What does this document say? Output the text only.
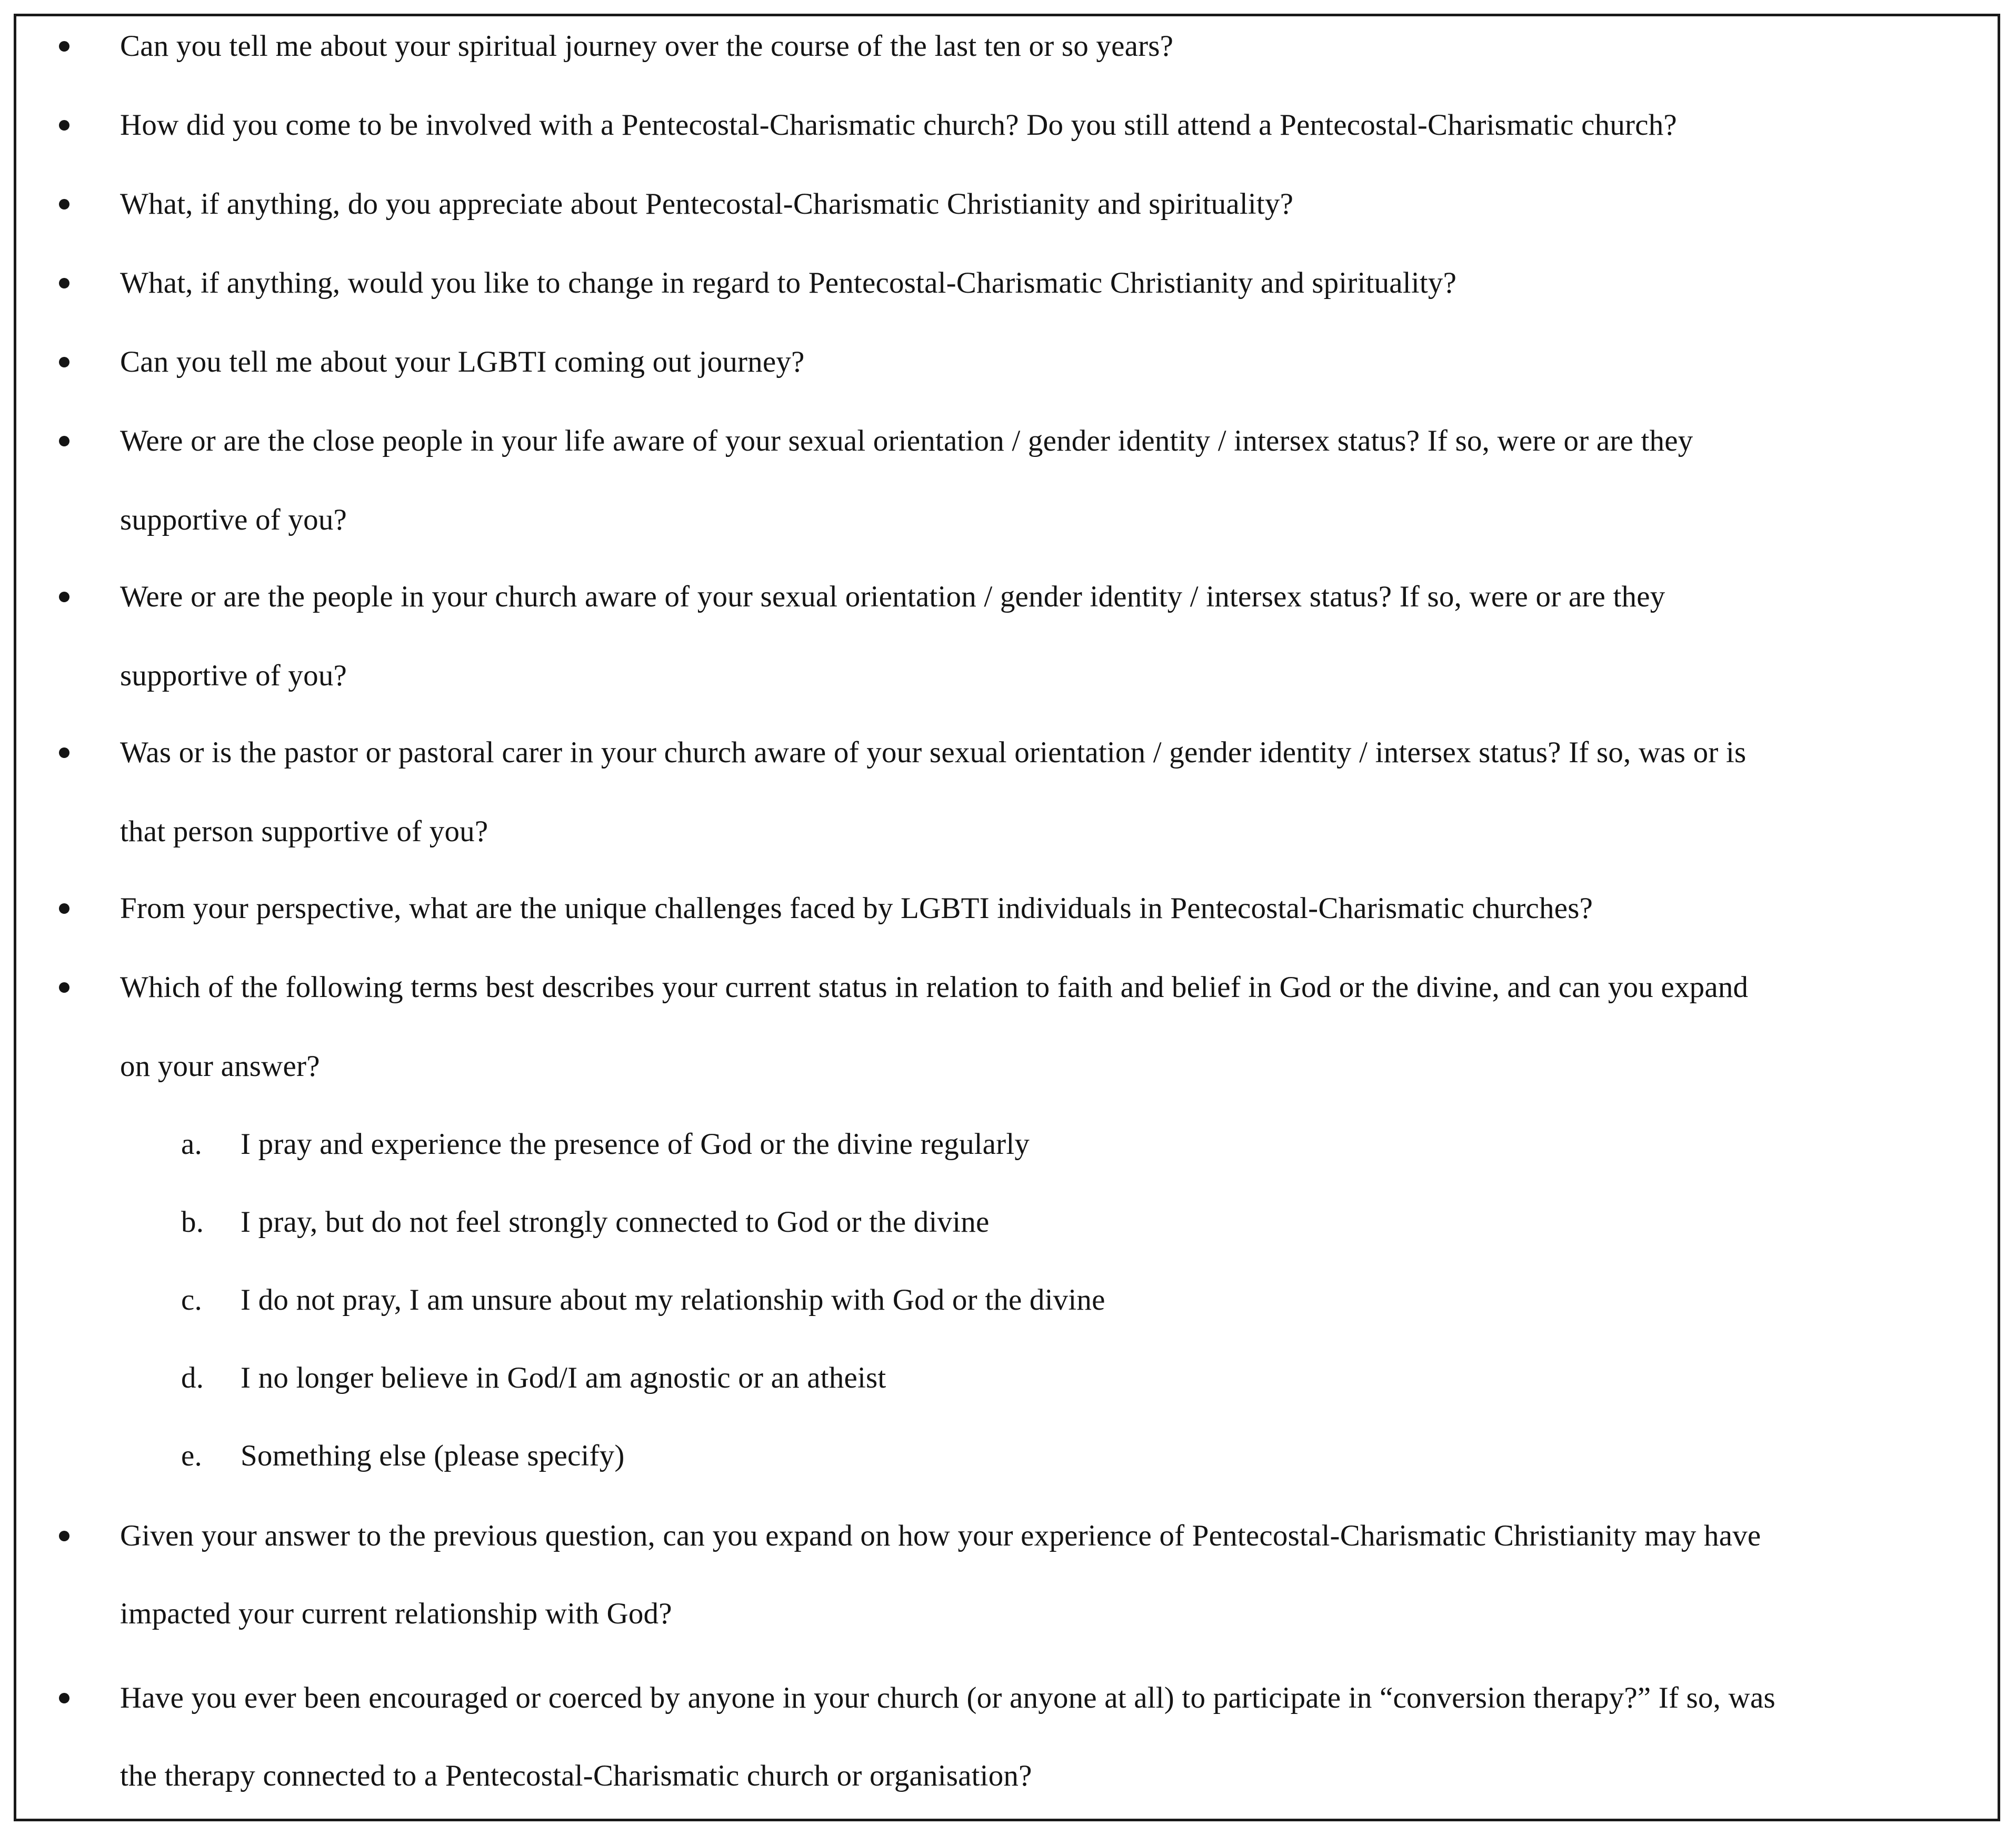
Can you tell me about your spiritual journey over the course of the last ten or so years?
How did you come to be involved with a Pentecostal-Charismatic church? Do you still attend a Pentecostal-Charismatic church?
What, if anything, do you appreciate about Pentecostal-Charismatic Christianity and spirituality?
What, if anything, would you like to change in regard to Pentecostal-Charismatic Christianity and spirituality?
Can you tell me about your LGBTI coming out journey?
Were or are the close people in your life aware of your sexual orientation / gender identity / intersex status? If so, were or are they
supportive of you?
Were or are the people in your church aware of your sexual orientation / gender identity / intersex status? If so, were or are they
supportive of you?
Was or is the pastor or pastoral carer in your church aware of your sexual orientation / gender identity / intersex status? If so, was or is
that person supportive of you?
From your perspective, what are the unique challenges faced by LGBTI individuals in Pentecostal-Charismatic churches?
Which of the following terms best describes your current status in relation to faith and belief in God or the divine, and can you expand
on your answer?
a. I pray and experience the presence of God or the divine regularly
b. I pray, but do not feel strongly connected to God or the divine
c. I do not pray, I am unsure about my relationship with God or the divine
d. I no longer believe in God/I am agnostic or an atheist
e. Something else (please specify)
Given your answer to the previous question, can you expand on how your experience of Pentecostal-Charismatic Christianity may have
impacted your current relationship with God?
Have you ever been encouraged or coerced by anyone in your church (or anyone at all) to participate in “conversion therapy?” If so, was
the therapy connected to a Pentecostal-Charismatic church or organisation?
